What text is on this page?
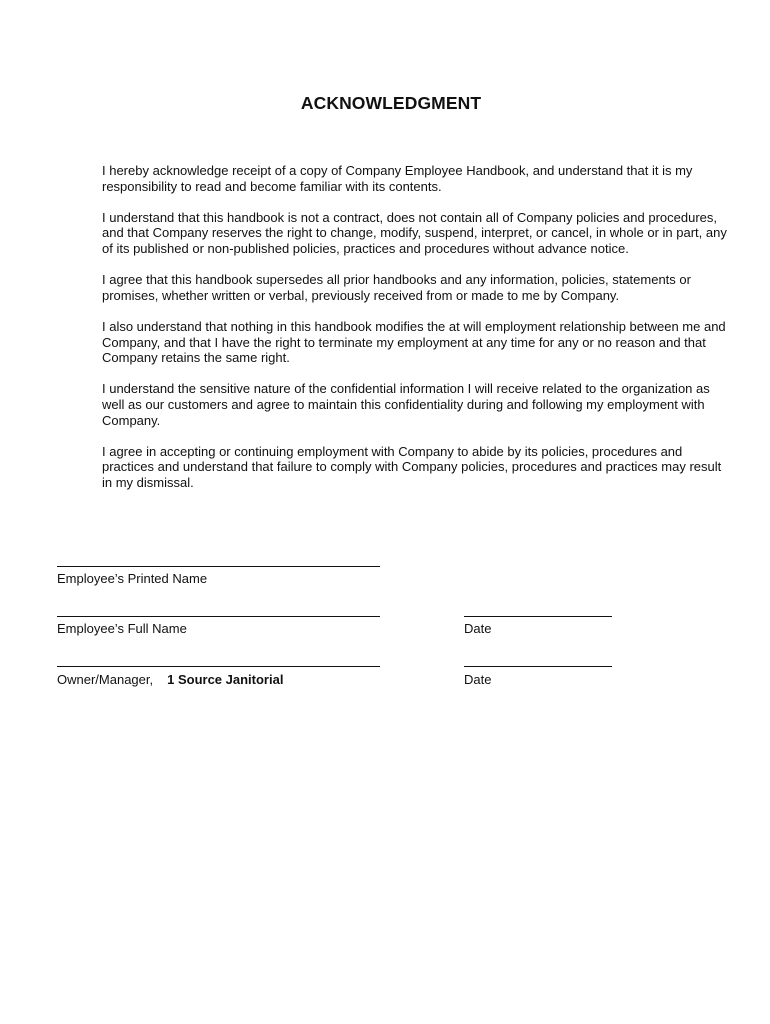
ACKNOWLEDGMENT

I hereby acknowledge receipt of a copy of Company Employee Handbook, and understand that it is my responsibility to read and become familiar with its contents.

I understand that this handbook is not a contract, does not contain all of Company policies and procedures, and that Company reserves the right to change, modify, suspend, interpret, or cancel, in whole or in part, any of its published or non-published policies, practices and procedures without advance notice.

I agree that this handbook supersedes all prior handbooks and any information, policies, statements or promises, whether written or verbal, previously received from or made to me by Company.

I also understand that nothing in this handbook modifies the at will employment relationship between me and Company, and that I have the right to terminate my employment at any time for any or no reason and that Company retains the same right.

I understand the sensitive nature of the confidential information I will receive related to the organization as well as our customers and agree to maintain this confidentiality during and following my employment with Company.

I agree in accepting or continuing employment with Company to abide by its policies, procedures and practices and understand that failure to comply with Company policies, procedures and practices may result in my dismissal.

Employee’s Printed Name
Employee’s Full Name	Date
Owner/Manager, 1 Source Janitorial	Date
